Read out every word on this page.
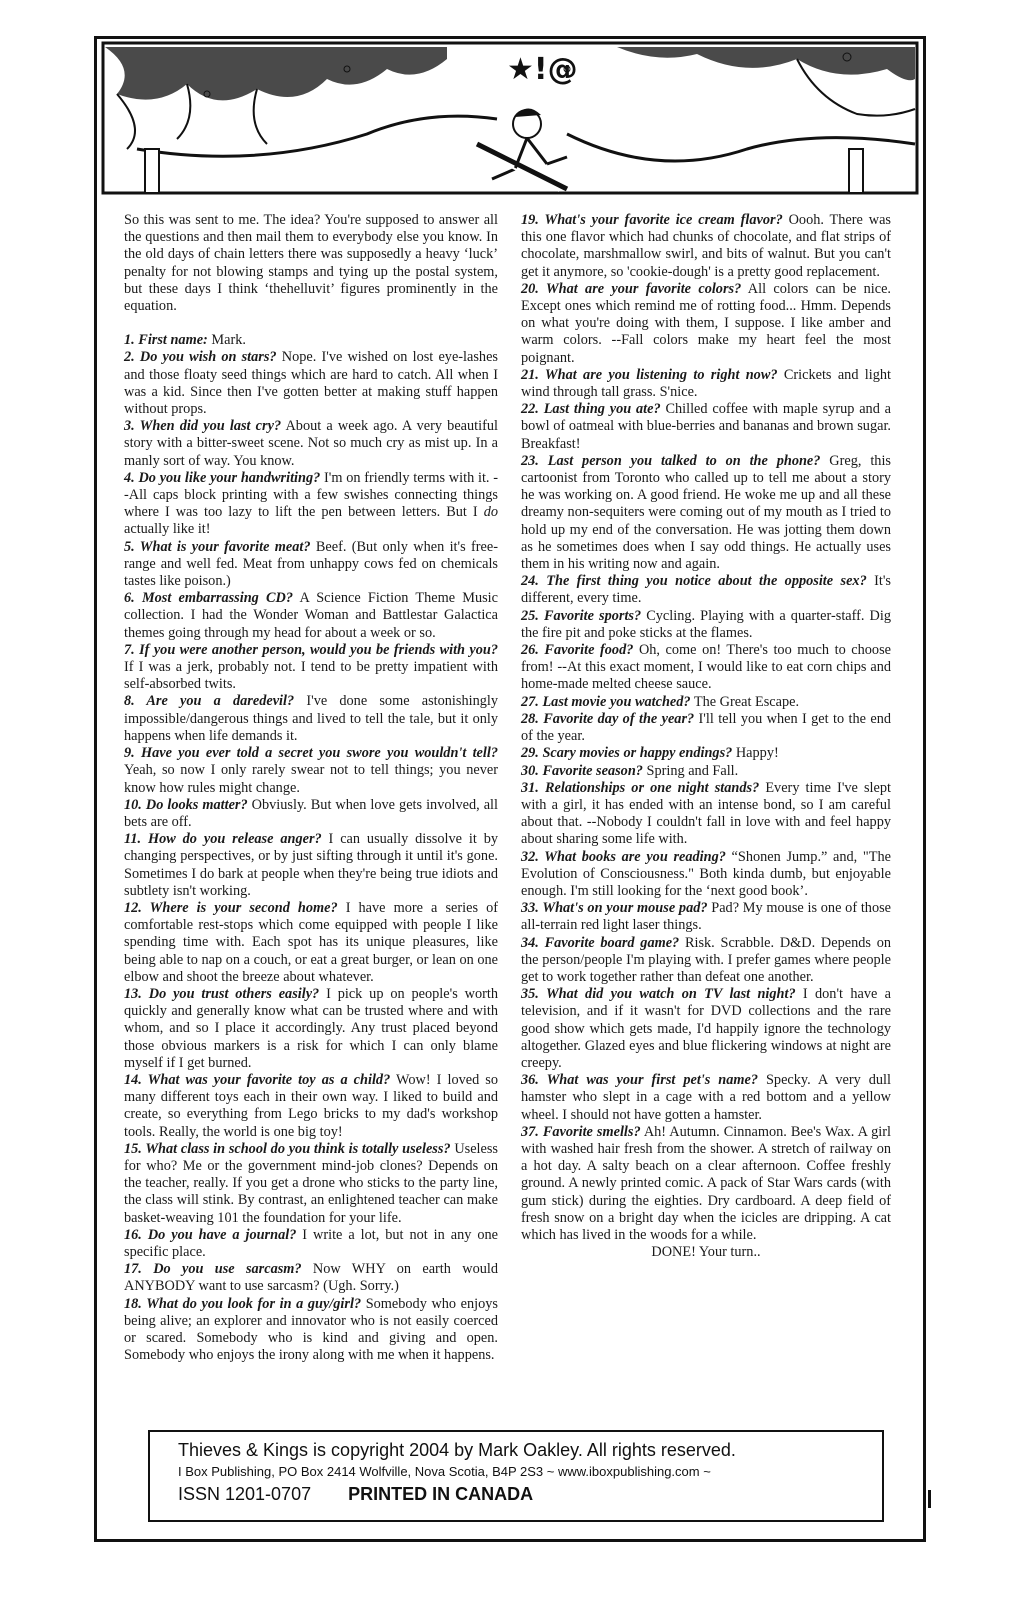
★!@

So this was sent to me. The idea? You're supposed to answer all the questions and then mail them to everybody else you know. In the old days of chain letters there was supposedly a heavy ‘luck’ penalty for not blowing stamps and tying up the postal system, but these days I think ‘thehelluvit’ figures prominently in the equation.

1. First name: Mark.

2. Do you wish on stars? Nope. I've wished on lost eye-lashes and those floaty seed things which are hard to catch. All when I was a kid. Since then I've gotten better at making stuff happen without props.

3. When did you last cry? About a week ago. A very beautiful story with a bitter-sweet scene. Not so much cry as mist up. In a manly sort of way. You know.

4. Do you like your handwriting? I'm on friendly terms with it. --All caps block printing with a few swishes connecting things where I was too lazy to lift the pen between letters. But I do actually like it!

5. What is your favorite meat? Beef. (But only when it's free-range and well fed. Meat from unhappy cows fed on chemicals tastes like poison.)

6. Most embarrassing CD? A Science Fiction Theme Music collection. I had the Wonder Woman and Battlestar Galactica themes going through my head for about a week or so.

7. If you were another person, would you be friends with you? If I was a jerk, probably not. I tend to be pretty impatient with self-absorbed twits.

8. Are you a daredevil? I've done some astonishingly impossible/dangerous things and lived to tell the tale, but it only happens when life demands it.

9. Have you ever told a secret you swore you wouldn't tell? Yeah, so now I only rarely swear not to tell things; you never know how rules might change.

10. Do looks matter? Obviusly. But when love gets involved, all bets are off.

11. How do you release anger? I can usually dissolve it by changing perspectives, or by just sifting through it until it's gone. Sometimes I do bark at people when they're being true idiots and subtlety isn't working.

12. Where is your second home? I have more a series of comfortable rest-stops which come equipped with people I like spending time with. Each spot has its unique pleasures, like being able to nap on a couch, or eat a great burger, or lean on one elbow and shoot the breeze about whatever.

13. Do you trust others easily? I pick up on people's worth quickly and generally know what can be trusted where and with whom, and so I place it accordingly. Any trust placed beyond those obvious markers is a risk for which I can only blame myself if I get burned.

14. What was your favorite toy as a child? Wow! I loved so many different toys each in their own way. I liked to build and create, so everything from Lego bricks to my dad's workshop tools. Really, the world is one big toy!

15. What class in school do you think is totally useless? Useless for who? Me or the government mind-job clones? Depends on the teacher, really. If you get a drone who sticks to the party line, the class will stink. By contrast, an enlightened teacher can make basket-weaving 101 the foundation for your life.

16. Do you have a journal? I write a lot, but not in any one specific place.

17. Do you use sarcasm? Now WHY on earth would ANYBODY want to use sarcasm? (Ugh. Sorry.)

18. What do you look for in a guy/girl? Somebody who enjoys being alive; an explorer and innovator who is not easily coerced or scared. Somebody who is kind and giving and open. Somebody who enjoys the irony along with me when it happens.

19. What's your favorite ice cream flavor? Oooh. There was this one flavor which had chunks of chocolate, and flat strips of chocolate, marshmallow swirl, and bits of walnut. But you can't get it anymore, so 'cookie-dough' is a pretty good replacement.

20. What are your favorite colors? All colors can be nice. Except ones which remind me of rotting food... Hmm. Depends on what you're doing with them, I suppose. I like amber and warm colors. --Fall colors make my heart feel the most poignant.

21. What are you listening to right now? Crickets and light wind through tall grass. S'nice.

22. Last thing you ate? Chilled coffee with maple syrup and a bowl of oatmeal with blue-berries and bananas and brown sugar. Breakfast!

23. Last person you talked to on the phone? Greg, this cartoonist from Toronto who called up to tell me about a story he was working on. A good friend. He woke me up and all these dreamy non-sequiters were coming out of my mouth as I tried to hold up my end of the conversation. He was jotting them down as he sometimes does when I say odd things. He actually uses them in his writing now and again.

24. The first thing you notice about the opposite sex? It's different, every time.

25. Favorite sports? Cycling. Playing with a quarter-staff. Dig the fire pit and poke sticks at the flames.

26. Favorite food? Oh, come on! There's too much to choose from! --At this exact moment, I would like to eat corn chips and home-made melted cheese sauce.

27. Last movie you watched? The Great Escape.

28. Favorite day of the year? I'll tell you when I get to the end of the year.

29. Scary movies or happy endings? Happy!

30. Favorite season? Spring and Fall.

31. Relationships or one night stands? Every time I've slept with a girl, it has ended with an intense bond, so I am careful about that. --Nobody I couldn't fall in love with and feel happy about sharing some life with.

32. What books are you reading? “Shonen Jump.” and, "The Evolution of Consciousness." Both kinda dumb, but enjoyable enough. I'm still looking for the ‘next good book’.

33. What's on your mouse pad? Pad? My mouse is one of those all-terrain red light laser things.

34. Favorite board game? Risk. Scrabble. D&D. Depends on the person/people I'm playing with. I prefer games where people get to work together rather than defeat one another.

35. What did you watch on TV last night? I don't have a television, and if it wasn't for DVD collections and the rare good show which gets made, I'd happily ignore the technology altogether. Glazed eyes and blue flickering windows at night are creepy.

36. What was your first pet's name? Specky. A very dull hamster who slept in a cage with a red bottom and a yellow wheel. I should not have gotten a hamster.

37. Favorite smells? Ah! Autumn. Cinnamon. Bee's Wax. A girl with washed hair fresh from the shower. A stretch of railway on a hot day. A salty beach on a clear afternoon. Coffee freshly ground. A newly printed comic. A pack of Star Wars cards (with gum stick) during the eighties. Dry cardboard. A deep field of fresh snow on a bright day when the icicles are dripping. A cat which has lived in the woods for a while.

DONE! Your turn..

Thieves & Kings is copyright 2004 by Mark Oakley. All rights reserved.
I Box Publishing, PO Box 2414 Wolfville, Nova Scotia, B4P 2S3 ~ www.iboxpublishing.com ~
ISSN 1201-0707 PRINTED IN CANADA
